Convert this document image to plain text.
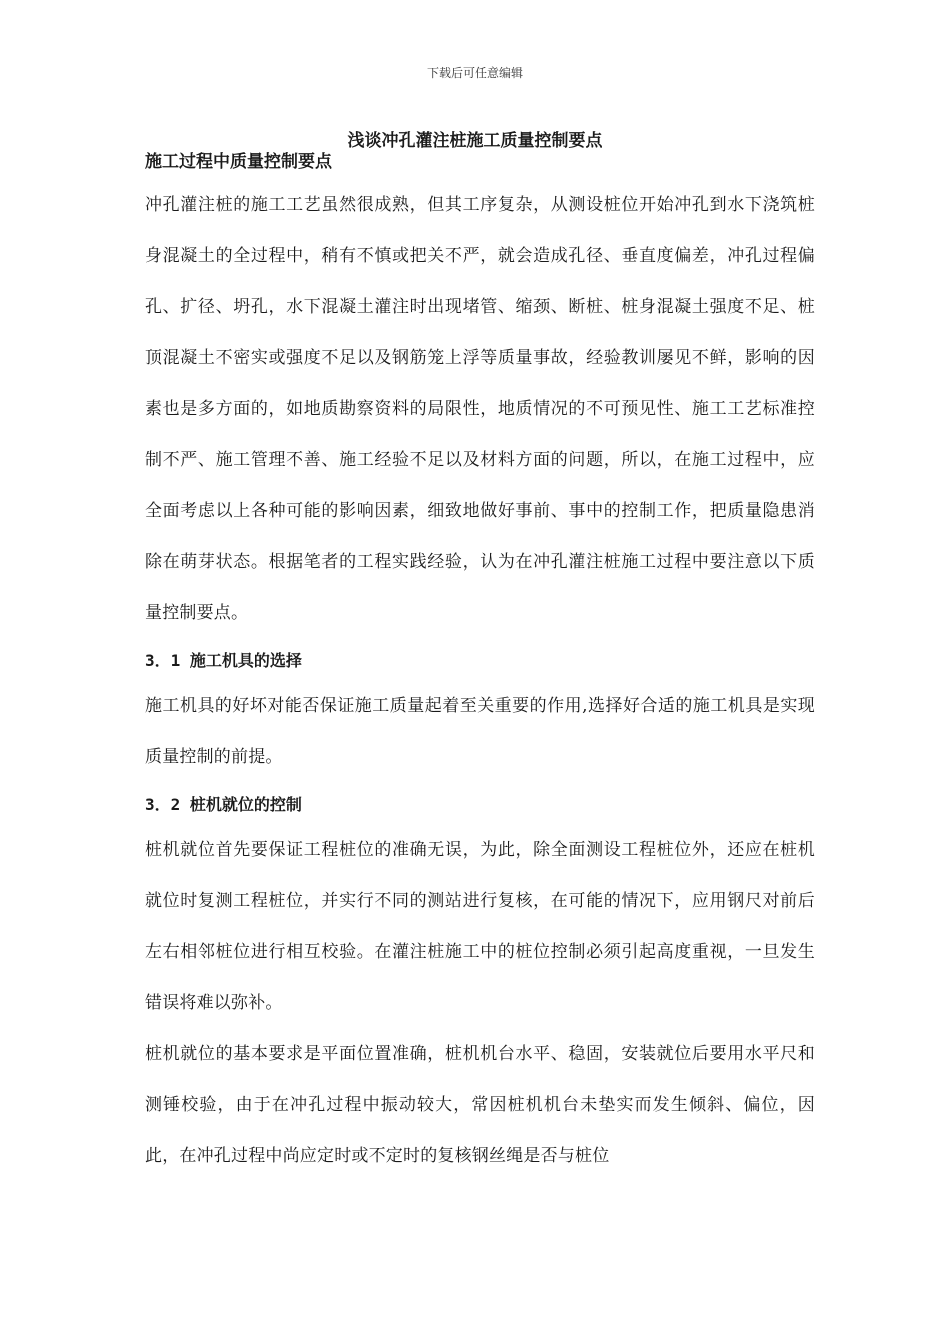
下载后可任意编辑
浅谈冲孔灌注桩施工质量控制要点

施工过程中质量控制要点

冲孔灌注桩的施工工艺虽然很成熟，但其工序复杂，从测设桩位开始冲孔到水下浇筑桩身混凝土的全过程中，稍有不慎或把关不严，就会造成孔径、垂直度偏差，冲孔过程偏孔、扩径、坍孔，水下混凝土灌注时出现堵管、缩颈、断桩、桩身混凝土强度不足、桩顶混凝土不密实或强度不足以及钢筋笼上浮等质量事故，经验教训屡见不鲜，影响的因素也是多方面的，如地质勘察资料的局限性，地质情况的不可预见性、施工工艺标准控制不严、施工管理不善、施工经验不足以及材料方面的问题，所以，在施工过程中，应全面考虑以上各种可能的影响因素，细致地做好事前、事中的控制工作，把质量隐患消除在萌芽状态。根据笔者的工程实践经验，认为在冲孔灌注桩施工过程中要注意以下质量控制要点。

3．1 施工机具的选择

施工机具的好坏对能否保证施工质量起着至关重要的作用,选择好合适的施工机具是实现质量控制的前提。

3．2 桩机就位的控制

桩机就位首先要保证工程桩位的准确无误，为此，除全面测设工程桩位外，还应在桩机就位时复测工程桩位，并实行不同的测站进行复核，在可能的情况下，应用钢尺对前后左右相邻桩位进行相互校验。在灌注桩施工中的桩位控制必须引起高度重视，一旦发生错误将难以弥补。

桩机就位的基本要求是平面位置准确，桩机机台水平、稳固，安装就位后要用水平尺和测锤校验，由于在冲孔过程中振动较大，常因桩机机台未垫实而发生倾斜、偏位，因此，在冲孔过程中尚应定时或不定时的复核钢丝绳是否与桩位
